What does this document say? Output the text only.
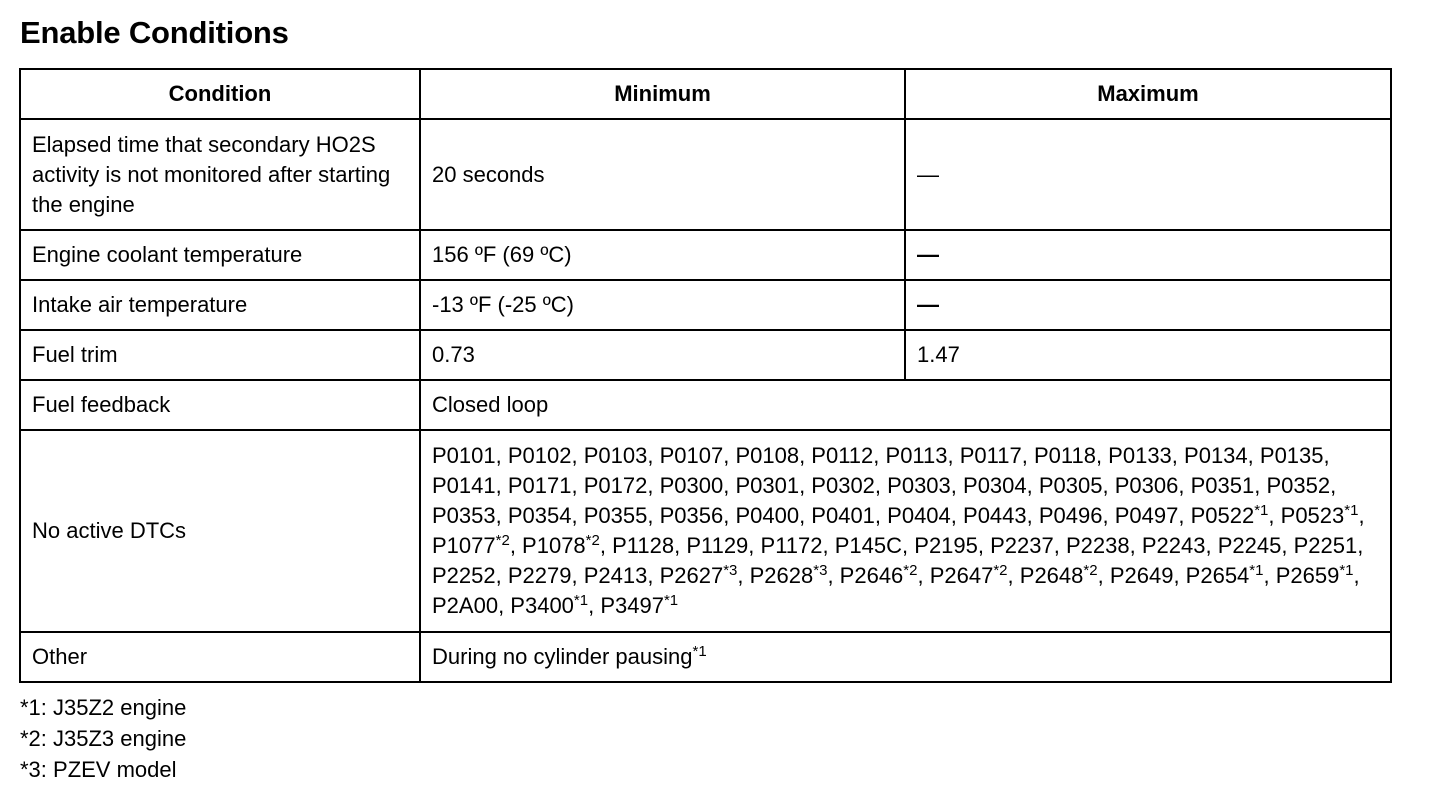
Enable Conditions
Condition	Minimum	Maximum
Elapsed time that secondary HO2S activity is not monitored after starting the engine	20 seconds	—
Engine coolant temperature	156 ºF (69 ºC)	—
Intake air temperature	-13 ºF (-25 ºC)	—
Fuel trim	0.73	1.47
Fuel feedback	Closed loop	
No active DTCs	P0101, P0102, P0103, P0107, P0108, P0112, P0113, P0117, P0118, P0133, P0134, P0135, P0141, P0171, P0172, P0300, P0301, P0302, P0303, P0304, P0305, P0306, P0351, P0352, P0353, P0354, P0355, P0356, P0400, P0401, P0404, P0443, P0496, P0497, P0522$^{*1}$, P0523$^{*1}$, P1077$^{*2}$, P1078$^{*2}$, P1128, P1129, P1172, P145C, P2195, P2237, P2238, P2243, P2245, P2251, P2252, P2279, P2413, P2627$^{*3}$, P2628$^{*3}$, P2646$^{*2}$, P2647$^{*2}$, P2648$^{*2}$, P2649, P2654$^{*1}$, P2659$^{*1}$, P2A00, P3400$^{*1}$, P3497$^{*1}$
Other	During no cylinder pausing$^{*1}$
*1: J35Z2 engine
*2: J35Z3 engine
*3: PZEV model
